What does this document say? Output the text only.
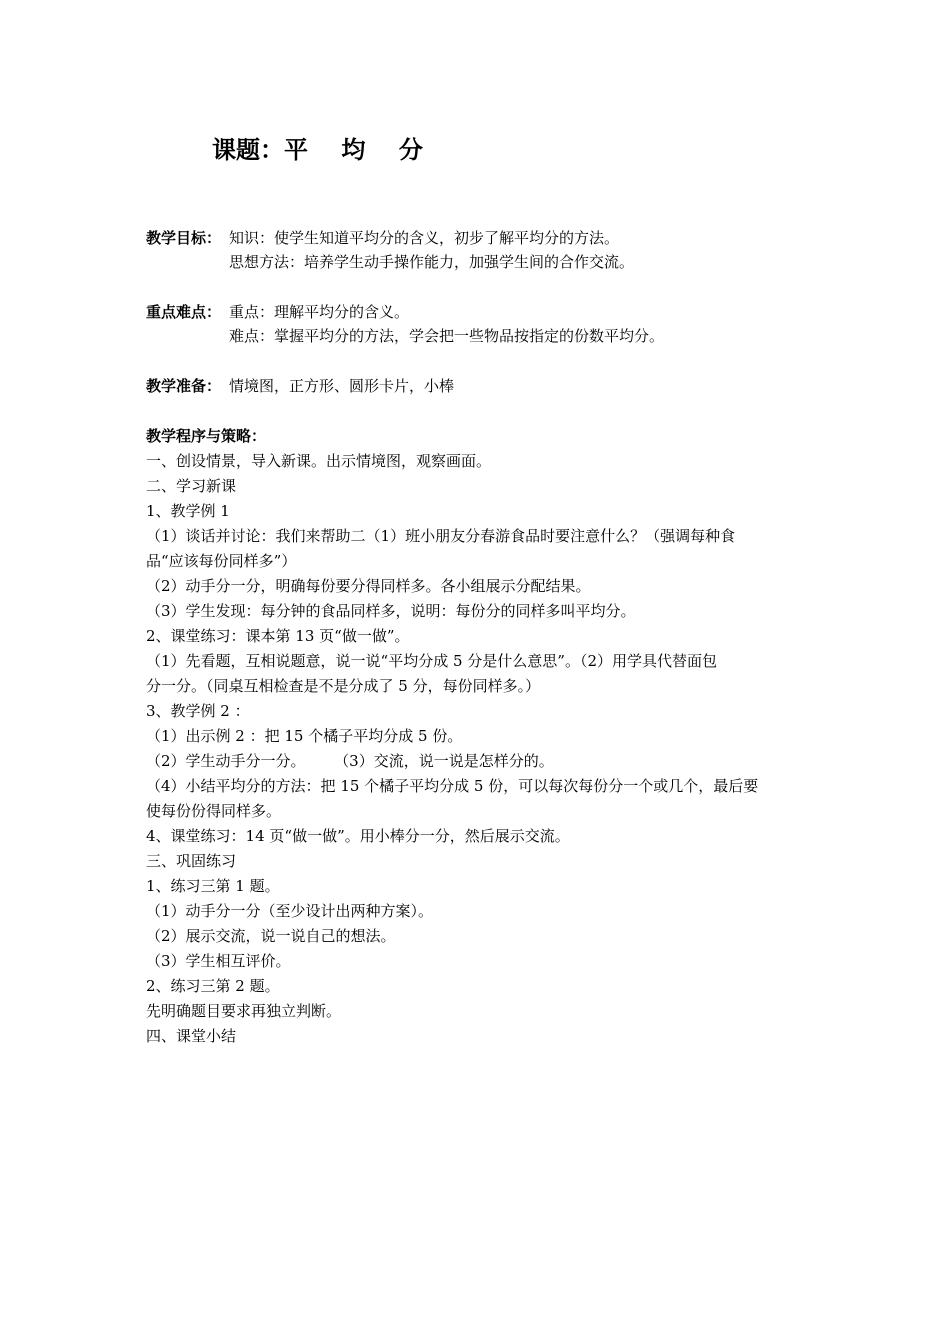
课题：平    均    分
教学目标： 知识：使学生知道平均分的含义，初步了解平均分的方法。
思想方法：培养学生动手操作能力，加强学生间的合作交流。
重点难点： 重点：理解平均分的含义。
难点：掌握平均分的方法，学会把一些物品按指定的份数平均分。
教学准备： 情境图，正方形、圆形卡片，小棒
教学程序与策略：
一、创设情景，导入新课。出示情境图，观察画面。
二、学习新课
1、教学例 1
（1）谈话并讨论：我们来帮助二（1）班小朋友分春游食品时要注意什么？（强调每种食
品“应该每份同样多”）
（2）动手分一分，明确每份要分得同样多。各小组展示分配结果。
（3）学生发现：每分钟的食品同样多，说明：每份分的同样多叫平均分。
2、课堂练习：课本第 13 页“做一做”。
（1）先看题，互相说题意，说一说“平均分成 5 分是什么意思”。（2）用学具代替面包
分一分。（同桌互相检查是不是分成了 5 分，每份同样多。）
3、教学例 2 ：
（1）出示例 2 ：把 15 个橘子平均分成 5 份。
（2）学生动手分一分。      （3）交流，说一说是怎样分的。
（4）小结平均分的方法：把 15 个橘子平均分成 5 份，可以每次每份分一个或几个，最后要
使每份份得同样多。
4、课堂练习：14 页“做一做”。用小棒分一分，然后展示交流。
三、巩固练习
1、练习三第 1 题。
（1）动手分一分（至少设计出两种方案）。
（2）展示交流，说一说自己的想法。
（3）学生相互评价。
2、练习三第 2 题。
先明确题目要求再独立判断。
四、课堂小结
